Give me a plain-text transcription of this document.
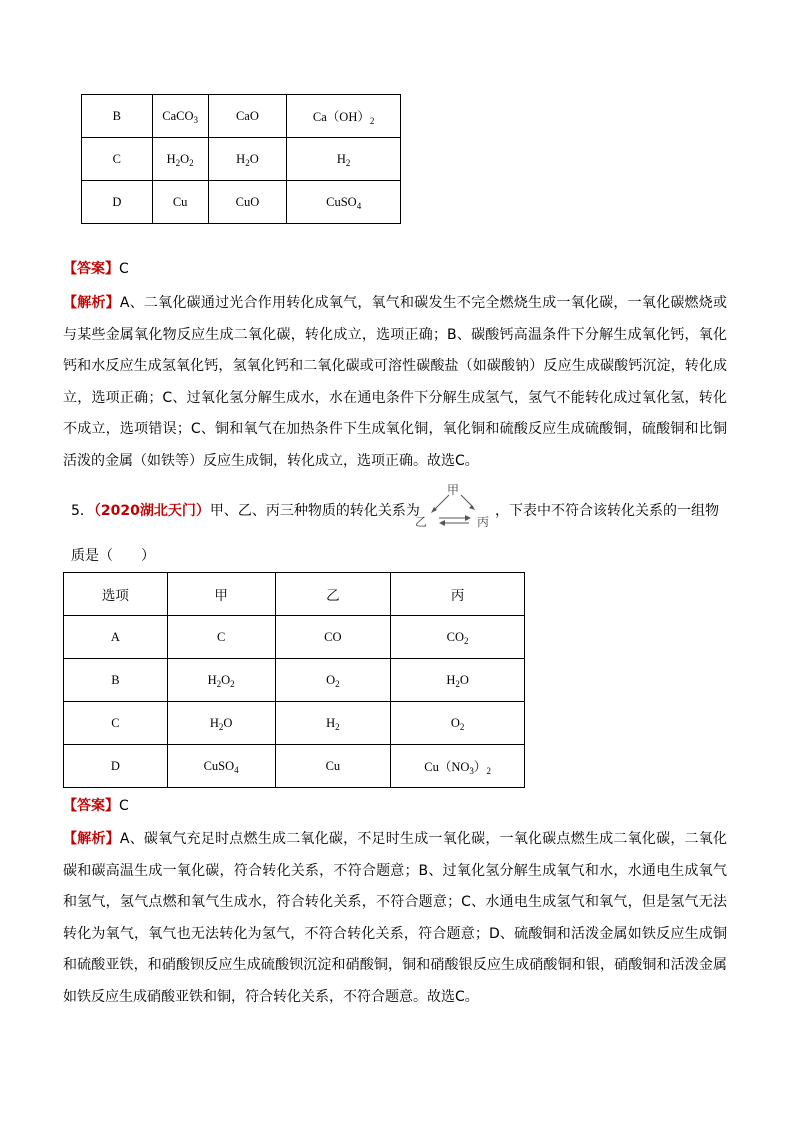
B	CaCO$_3$	CaO	$Ca(OH)_2$
C	$H_2O_2$	$H_2O$	$H_2$
D	Cu	CuO	CuSO$_4$
【答案】C
【解析】A、二氧化碳通过光合作用转化成氧气，氧气和碳发生不完全燃烧生成一氧化碳，一氧化碳燃烧或与某些金属氧化物反应生成二氧化碳，转化成立，选项正确；B、碳酸钙高温条件下分解生成氧化钙，氧化钙和水反应生成氢氧化钙，氢氧化钙和二氧化碳或可溶性碳酸盐（如碳酸钠）反应生成碳酸钙沉淀，转化成立，选项正确；C、过氧化氢分解生成水，水在通电条件下分解生成氢气，氢气不能转化成过氧化氢，转化不成立，选项错误；C、铜和氧气在加热条件下生成氧化铜，氧化铜和硫酸反应生成硫酸铜，硫酸铜和比铜活泼的金属（如铁等）反应生成铜，转化成立，选项正确。故选C。
5．（2020湖北天门）甲、乙、丙三种物质的转化关系为	，下表中不符合该转化关系的一组物
甲
乙	丙
质是（　　）
选项	甲	乙	丙
A	C	CO	$CO_2$
B	$H_2O_2$	$O_2$	$H_2O$
C	$H_2O$	$H_2$	$O_2$
D	CuSO$_4$	Cu	$Cu(NO_3)_2$
【答案】C
【解析】A、碳氧气充足时点燃生成二氧化碳，不足时生成一氧化碳，一氧化碳点燃生成二氧化碳，二氧化碳和碳高温生成一氧化碳，符合转化关系，不符合题意；B、过氧化氢分解生成氧气和水，水通电生成氧气和氢气，氢气点燃和氧气生成水，符合转化关系，不符合题意；C、水通电生成氢气和氧气，但是氢气无法转化为氧气，氧气也无法转化为氢气，不符合转化关系，符合题意；D、硫酸铜和活泼金属如铁反应生成铜和硫酸亚铁，和硝酸钡反应生成硫酸钡沉淀和硝酸铜，铜和硝酸银反应生成硝酸铜和银，硝酸铜和活泼金属如铁反应生成硝酸亚铁和铜，符合转化关系，不符合题意。故选C。
